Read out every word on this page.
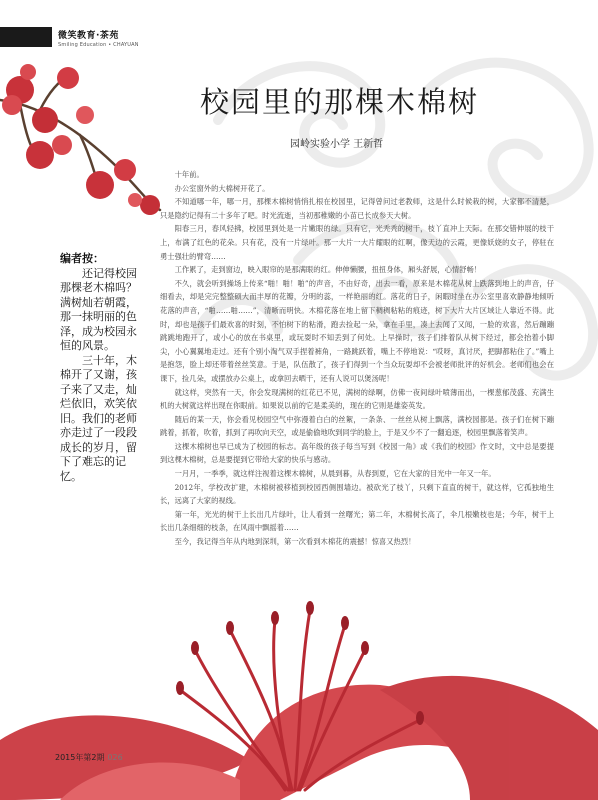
微笑教育·茶苑
Smiling Education • CHAYUAN
校园里的那棵木棉树
园岭实验小学 王新哲
编者按：

还记得校园那棵老木棉吗？满树灿若朝霞，那一抹明丽的色泽，成为校园永恒的风景。

三十年，木棉开了又谢，孩子来了又走，灿烂依旧，欢笑依旧。我们的老师亦走过了一段段成长的岁月，留下了难忘的记忆。

十年前。

办公室窗外的大棉树开花了。

不知道哪一年，哪一月，那棵木棉树悄悄扎根在校园里，记得曾问过老教师，这是什么时候栽的树，大家都不清楚，只是隐约记得有二十多年了吧。时光流逝，当初那稚嫩的小苗已长成参天大树。

阳春三月，春风轻拂，校园里到处是一片嫩眼的绿。只有它，光秃秃的树干，枝丫直冲上天际。在那交错伸展的枝干上，布满了红色的花朵。只有花，没有一片绿叶。那一大片一大片耀眼的红啊，像天边的云霞，更像妖娆的女子，停驻在勇士强壮的臂弯……

工作累了，走到窗边，映入眼帘的是那满眼的红。伸伸懒腰，扭扭身体，厢头舒展，心情舒畅！

不久，就会听到操场上传来“啪！啪！啪”的声音，不由好奇，出去一看，原来是木棉花从树上跌落到地上的声音，仔细看去，却是完完整整硕大而丰厚的花瓣，分明的蕊，一样艳丽的红。落花的日子，闲暇时坐在办公室里喜欢静静地倾听花落的声音，“啪……啪……”，清晰而明快。木棉花落在地上留下稠稠粘粘的痕迹，树下大片大片区域让人靠近不得。此时，却也是孩子们最欢喜的时刻，不怕树下的粘滑，跑去捡起一朵，拿在手里，凑上去闻了又闻，一脸的欢喜，然后蹦蹦跳跳地跑开了，或小心的放在书桌里，或玩耍时不知丢到了何处。上早操时，孩子们排着队从树下经过，都会抬着小脚尖，小心翼翼地走过。还有个别小淘气双手捏着裤角，一路跳跃着，嘴上不停地说：“哎呀，真讨厌，把脚都粘住了。”嘴上是抱怨，脸上却还带着丝丝笑意。于是，队伍散了，孩子们得到一个当众玩耍却不会被老师批评的好机会。老师们也会在课下，捡几朵，或摆放办公桌上，或拿回去晒干，还有人说可以煲汤呢！

就这样，突然有一天，你会发现满树的红花已不见，满树的绿啊，仿佛一夜间绿叶喷薄而出，一棵葱郁茂盛、充满生机的大树就这样出现在你眼前。如果说以前的它是柔美的，现在的它则是雄姿英发。

随后的某一天，你会看见校园空气中弥漫着白白的丝絮，一条条、一丝丝从树上飘落，满校园都是。孩子们在树下蹦跳着，抓着，吹着，抓到了再吹向天空，或是偷偷地吹到同学的脸上，于是又少不了一翻追逐，校园里飘落着笑声。

这棵木棉树也早已成为了校园的标志。高年级的孩子每当写到《校园一角》或《我们的校园》作文时，文中总是要提到这棵木棉树，总是要提到它带给大家的快乐与感动。

一月月，一季季，就这样注视着这棵木棉树，从晨到暮，从春到夏，它在大家的目光中一年又一年。

2012年，学校改扩建，木棉树被移植到校园西侧围墙边。被砍光了枝丫，只剩下直直的树干，就这样，它孤独地生长，远离了大家的视线。

第一年，光光的树干上长出几片绿叶，让人看到一丝曙光；第二年，木棉树长高了，伞几根嫩枝也是；今年，树干上长出几条细细的枝条，在风雨中飘摇着……

至今，我记得当年从内地到深圳，第一次看到木棉花的震撼！惊喜又热烈！

2015年第2期 026
